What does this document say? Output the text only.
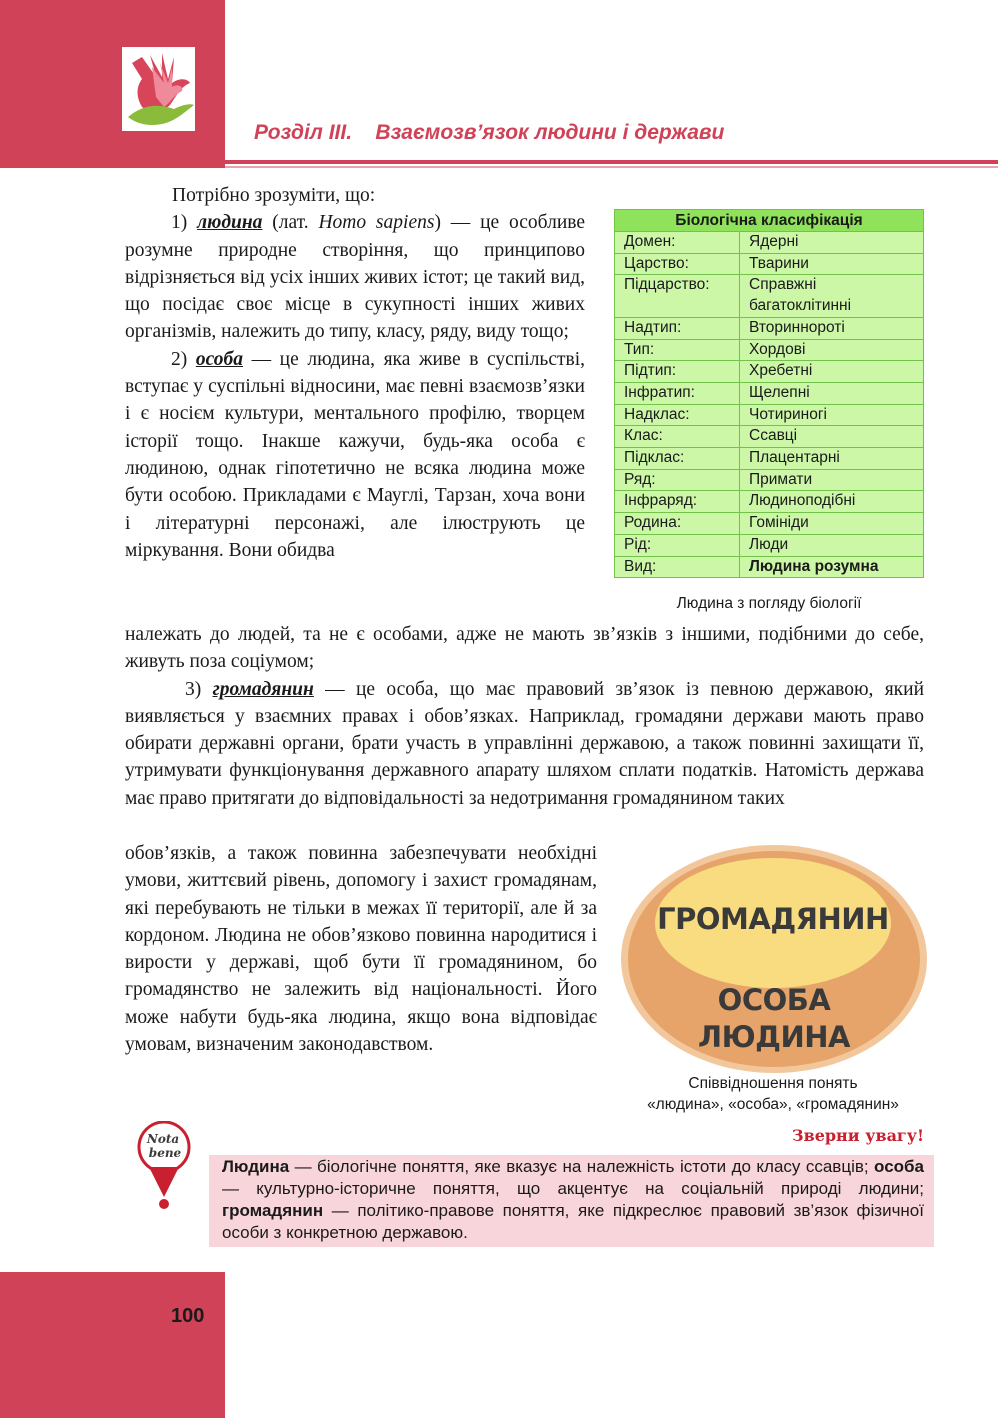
Розділ ІІІ. Взаємозв’язок людини і держави

Потрібно зрозуміти, що:

1) людина (лат. Homo sapiens) — це особливе розумне природне створіння, що принципово відрізняється від усіх інших живих істот; це такий вид, що посідає своє місце в сукупності інших живих організмів, належить до типу, класу, ряду, виду тощо;

2) особа — це людина, яка живе в суспільстві, вступає у суспільні відносини, має певні взаємозв’язки і є носієм культури, ментального профілю, творцем історії тощо. Інакше кажучи, будь-яка особа є людиною, однак гіпотетично не всяка людина може бути особою. Прикладами є Мауглі, Тарзан, хоча вони і літературні персонажі, але ілюструють це міркування. Вони обидва

належать до людей, та не є особами, адже не мають зв’язків з іншими, подібними до себе, живуть поза соціумом;

3) громадянин — це особа, що має правовий зв’язок із певною державою, який виявляється у взаємних правах і обов’язках. Наприклад, громадяни держави мають право обирати державні органи, брати участь в управлінні державою, а також повинні захищати її, утримувати функціонування державного апарату шляхом сплати податків. Натомість держава має право притягати до відповідальності за недотримання громадянином таких

обов’язків, а також повинна забезпечувати необхідні умови, життєвий рівень, допомогу і захист громадянам, які перебувають не тільки в межах її території, але й за кордоном. Людина не обов’язково повинна народитися і вирости у державі, щоб бути її громадянином, бо громадянство не залежить від національності. Його може набути будь-яка людина, якщо вона відповідає умовам, визначеним законодавством.

Біологічна класифікація	
Домен:	Ядерні
Царство:	Тварини
Підцарство:	Справжні багатоклітинні
Надтип:	Вториннороті
Тип:	Хордові
Підтип:	Хребетні
Інфратип:	Щелепні
Надклас:	Чотириногі
Клас:	Ссавці
Підклас:	Плацентарні
Ряд:	Примати
Інфраряд:	Людиноподібні
Родина:	Гомініди
Рід:	Люди
Вид:	Людина розумна
Людина з погляду біології
ГРОМАДЯНИН
ОСОБА
ЛЮДИНА
Співвідношення понять
«людина», «особа», «громадянин»
Nota
bene
Зверни увагу!
Людина — біологічне поняття, яке вказує на належність істоти до класу ссавців; особа — культурно-історичне поняття, що акцентує на соціальній природі людини; громадянин — політико-правове поняття, яке підкреслює правовий зв’язок фізичної особи з конкретною державою.
100
